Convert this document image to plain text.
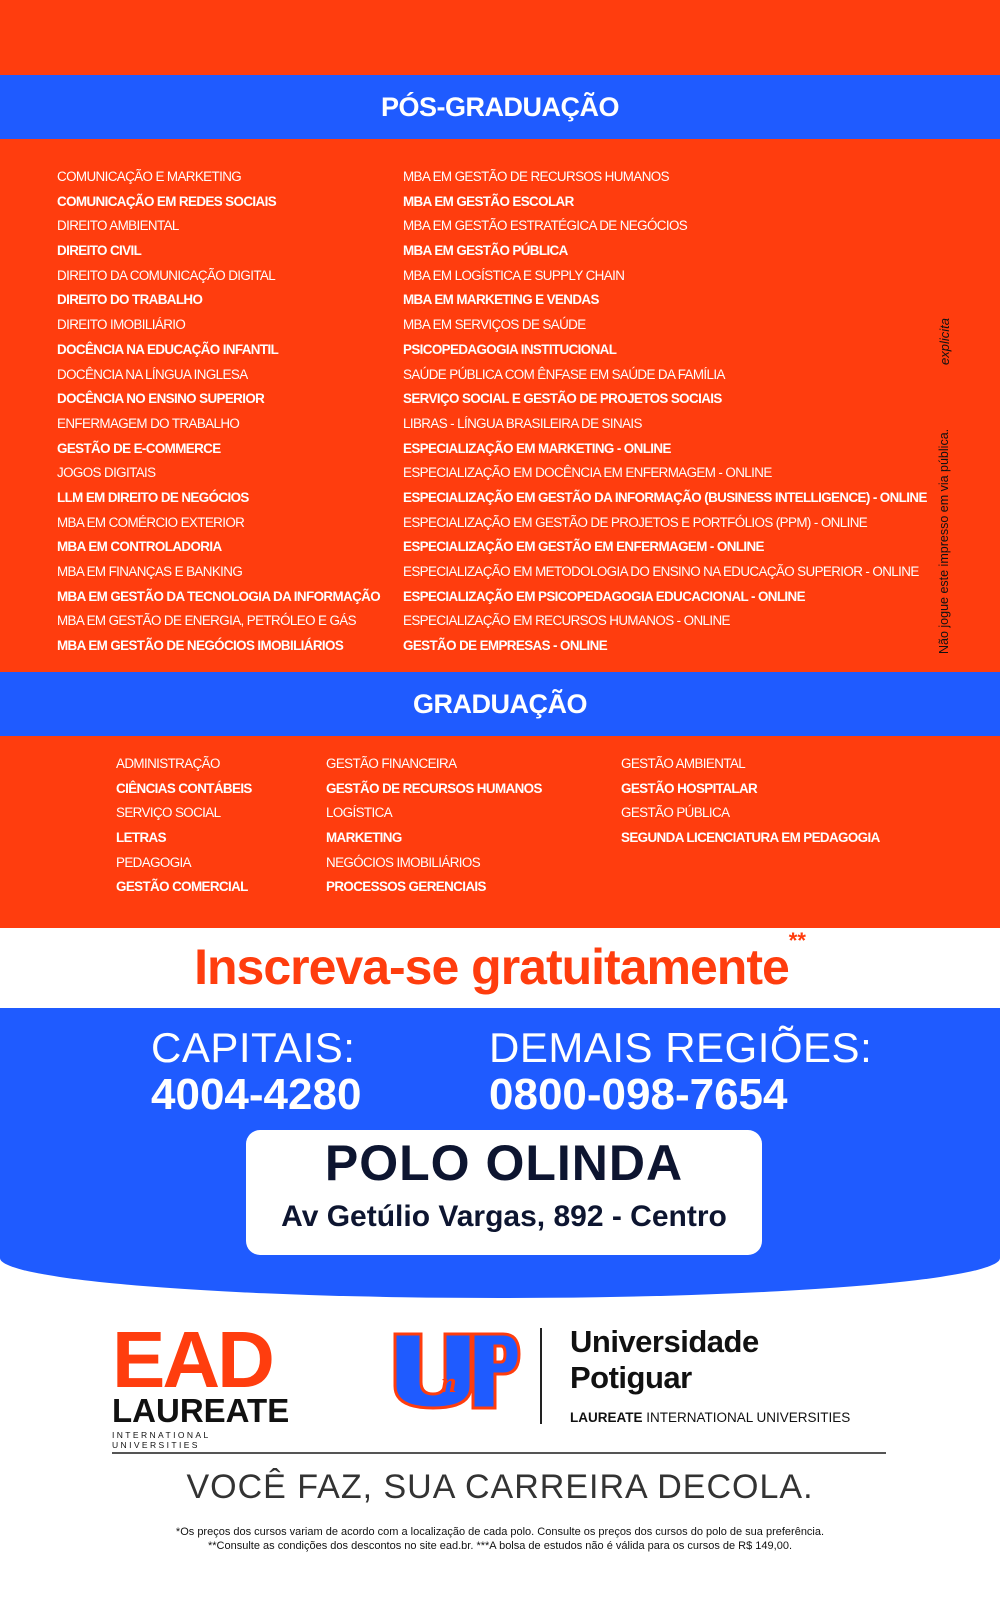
PÓS-GRADUAÇÃO
COMUNICAÇÃO E MARKETING
COMUNICAÇÃO EM REDES SOCIAIS
DIREITO AMBIENTAL
DIREITO CIVIL
DIREITO DA COMUNICAÇÃO DIGITAL
DIREITO DO TRABALHO
DIREITO IMOBILIÁRIO
DOCÊNCIA NA EDUCAÇÃO INFANTIL
DOCÊNCIA NA LÍNGUA INGLESA
DOCÊNCIA NO ENSINO SUPERIOR
ENFERMAGEM DO TRABALHO
GESTÃO DE E-COMMERCE
JOGOS DIGITAIS
LLM EM DIREITO DE NEGÓCIOS
MBA EM COMÉRCIO EXTERIOR
MBA EM CONTROLADORIA
MBA EM FINANÇAS E BANKING
MBA EM GESTÃO DA TECNOLOGIA DA INFORMAÇÃO
MBA EM GESTÃO DE ENERGIA, PETRÓLEO E GÁS
MBA EM GESTÃO DE NEGÓCIOS IMOBILIÁRIOS
MBA EM GESTÃO DE RECURSOS HUMANOS
MBA EM GESTÃO ESCOLAR
MBA EM GESTÃO ESTRATÉGICA DE NEGÓCIOS
MBA EM GESTÃO PÚBLICA
MBA EM LOGÍSTICA E SUPPLY CHAIN
MBA EM MARKETING E VENDAS
MBA EM SERVIÇOS DE SAÚDE
PSICOPEDAGOGIA INSTITUCIONAL
SAÚDE PÚBLICA COM ÊNFASE EM SAÚDE DA FAMÍLIA
SERVIÇO SOCIAL E GESTÃO DE PROJETOS SOCIAIS
LIBRAS - LÍNGUA BRASILEIRA DE SINAIS
ESPECIALIZAÇÃO EM MARKETING - ONLINE
ESPECIALIZAÇÃO EM DOCÊNCIA EM ENFERMAGEM - ONLINE
ESPECIALIZAÇÃO EM GESTÃO DA INFORMAÇÃO (BUSINESS INTELLIGENCE) - ONLINE
ESPECIALIZAÇÃO EM GESTÃO DE PROJETOS E PORTFÓLIOS (PPM) - ONLINE
ESPECIALIZAÇÃO EM GESTÃO EM ENFERMAGEM - ONLINE
ESPECIALIZAÇÃO EM METODOLOGIA DO ENSINO NA EDUCAÇÃO SUPERIOR - ONLINE
ESPECIALIZAÇÃO EM PSICOPEDAGOGIA EDUCACIONAL - ONLINE
ESPECIALIZAÇÃO EM RECURSOS HUMANOS - ONLINE
GESTÃO DE EMPRESAS - ONLINE
explicita
Não jogue este impresso em via pública.
GRADUAÇÃO
ADMINISTRAÇÃO
CIÊNCIAS CONTÁBEIS
SERVIÇO SOCIAL
LETRAS
PEDAGOGIA
GESTÃO COMERCIAL
GESTÃO FINANCEIRA
GESTÃO DE RECURSOS HUMANOS
LOGÍSTICA
MARKETING
NEGÓCIOS IMOBILIÁRIOS
PROCESSOS GERENCIAIS
GESTÃO AMBIENTAL
GESTÃO HOSPITALAR
GESTÃO PÚBLICA
SEGUNDA LICENCIATURA EM PEDAGOGIA
Inscreva-se gratuitamente**
CAPITAIS:
4004-4280
DEMAIS REGIÕES:
0800-098-7654
POLO OLINDA
Av Getúlio Vargas, 892 - Centro
EAD
LAUREATE
INTERNATIONAL UNIVERSITIES
n
Universidade
Potiguar
LAUREATE INTERNATIONAL UNIVERSITIES
VOCÊ FAZ, SUA CARREIRA DECOLA.
*Os preços dos cursos variam de acordo com a localização de cada polo. Consulte os preços dos cursos do polo de sua preferência.
**Consulte as condições dos descontos no site ead.br. ***A bolsa de estudos não é válida para os cursos de R$ 149,00.
